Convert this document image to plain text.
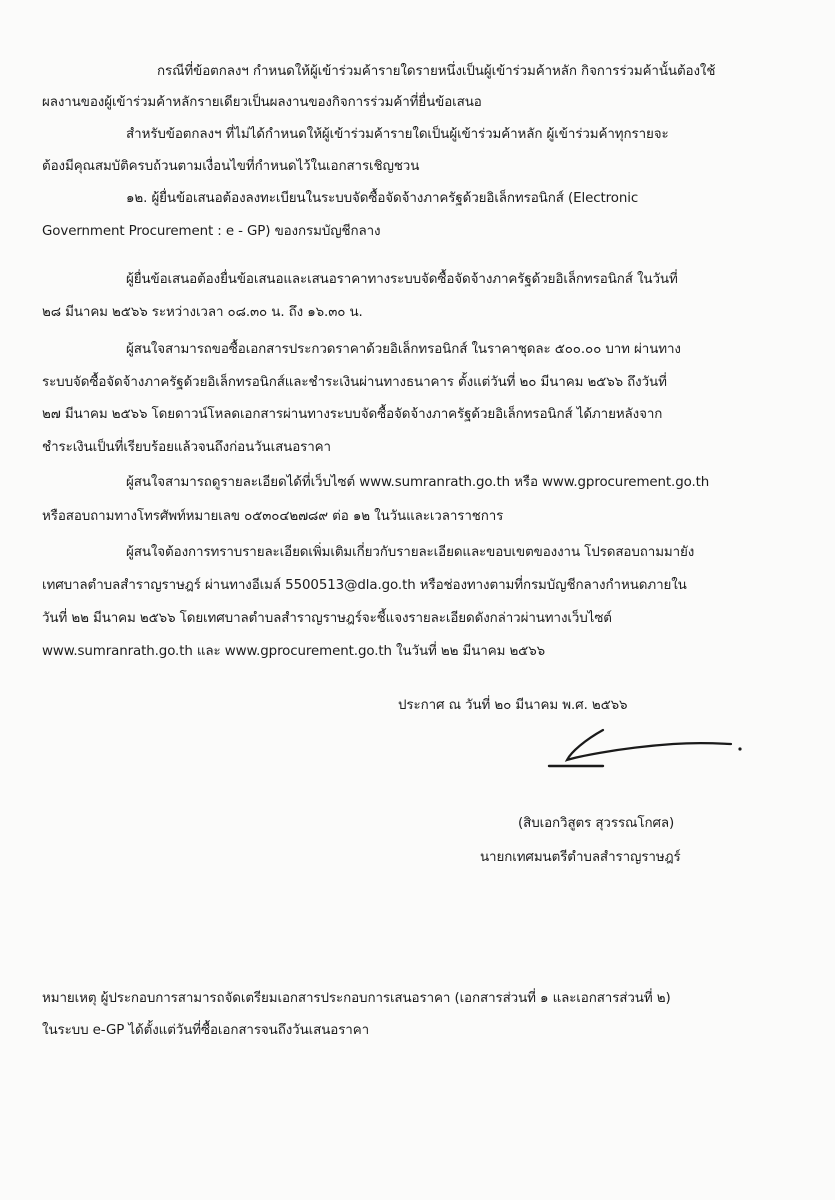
กรณีที่ข้อตกลงฯ กำหนดให้ผู้เข้าร่วมค้ารายใดรายหนึ่งเป็นผู้เข้าร่วมค้าหลัก กิจการร่วมค้านั้นต้องใช้
ผลงานของผู้เข้าร่วมค้าหลักรายเดียวเป็นผลงานของกิจการร่วมค้าที่ยื่นข้อเสนอ
สำหรับข้อตกลงฯ ที่ไม่ได้กำหนดให้ผู้เข้าร่วมค้ารายใดเป็นผู้เข้าร่วมค้าหลัก ผู้เข้าร่วมค้าทุกรายจะ
ต้องมีคุณสมบัติครบถ้วนตามเงื่อนไขที่กำหนดไว้ในเอกสารเชิญชวน
๑๒. ผู้ยื่นข้อเสนอต้องลงทะเบียนในระบบจัดซื้อจัดจ้างภาครัฐด้วยอิเล็กทรอนิกส์ (Electronic
Government Procurement : e - GP) ของกรมบัญชีกลาง
ผู้ยื่นข้อเสนอต้องยื่นข้อเสนอและเสนอราคาทางระบบจัดซื้อจัดจ้างภาครัฐด้วยอิเล็กทรอนิกส์ ในวันที่
๒๘ มีนาคม ๒๕๖๖ ระหว่างเวลา ๐๘.๓๐ น. ถึง ๑๖.๓๐ น.
ผู้สนใจสามารถขอซื้อเอกสารประกวดราคาด้วยอิเล็กทรอนิกส์ ในราคาชุดละ ๕๐๐.๐๐ บาท ผ่านทาง
ระบบจัดซื้อจัดจ้างภาครัฐด้วยอิเล็กทรอนิกส์และชำระเงินผ่านทางธนาคาร ตั้งแต่วันที่ ๒๐ มีนาคม ๒๕๖๖ ถึงวันที่
๒๗ มีนาคม ๒๕๖๖ โดยดาวน์โหลดเอกสารผ่านทางระบบจัดซื้อจัดจ้างภาครัฐด้วยอิเล็กทรอนิกส์ ได้ภายหลังจาก
ชำระเงินเป็นที่เรียบร้อยแล้วจนถึงก่อนวันเสนอราคา
ผู้สนใจสามารถดูรายละเอียดได้ที่เว็บไซต์ www.sumranrath.go.th หรือ www.gprocurement.go.th
หรือสอบถามทางโทรศัพท์หมายเลข ๐๕๓๐๔๒๗๘๙ ต่อ ๑๒ ในวันและเวลาราชการ
ผู้สนใจต้องการทราบรายละเอียดเพิ่มเติมเกี่ยวกับรายละเอียดและขอบเขตของงาน โปรดสอบถามมายัง
เทศบาลตำบลสำราญราษฎร์ ผ่านทางอีเมล์ 5500513@dla.go.th หรือช่องทางตามที่กรมบัญชีกลางกำหนดภายใน
วันที่ ๒๒ มีนาคม ๒๕๖๖ โดยเทศบาลตำบลสำราญราษฎร์จะชี้แจงรายละเอียดดังกล่าวผ่านทางเว็บไซต์
www.sumranrath.go.th และ www.gprocurement.go.th ในวันที่ ๒๒ มีนาคม ๒๕๖๖
ประกาศ ณ วันที่ ๒๐ มีนาคม พ.ศ. ๒๕๖๖
(สิบเอกวิสูตร สุวรรณโกศล)
นายกเทศมนตรีตำบลสำราญราษฎร์
หมายเหตุ ผู้ประกอบการสามารถจัดเตรียมเอกสารประกอบการเสนอราคา (เอกสารส่วนที่ ๑ และเอกสารส่วนที่ ๒)
ในระบบ e-GP ได้ตั้งแต่วันที่ซื้อเอกสารจนถึงวันเสนอราคา
